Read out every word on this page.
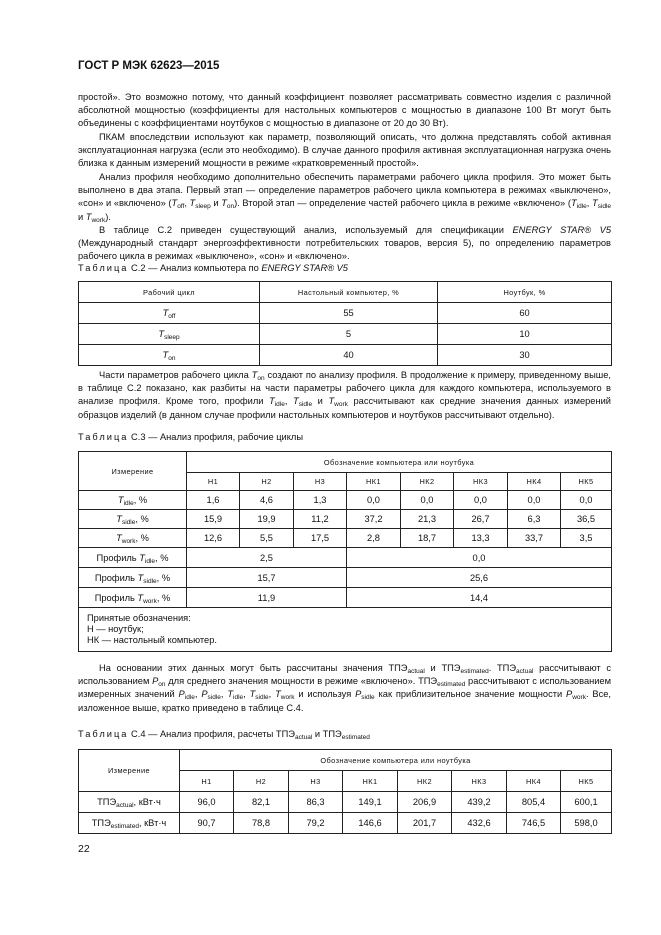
ГОСТ Р МЭК 62623—2015
простой». Это возможно потому, что данный коэффициент позволяет рассматривать совместно изделия с различной абсолютной мощностью (коэффициенты для настольных компьютеров с мощностью в диапазоне 100 Вт могут быть объединены с коэффициентами ноутбуков с мощностью в диапазоне от 20 до 30 Вт).
ПКАМ впоследствии используют как параметр, позволяющий описать, что должна представлять собой активная эксплуатационная нагрузка (если это необходимо). В случае данного профиля активная эксплуатационная нагрузка очень близка к данным измерений мощности в режиме «кратковременный простой».
Анализ профиля необходимо дополнительно обеспечить параметрами рабочего цикла профиля. Это может быть выполнено в два этапа. Первый этап — определение параметров рабочего цикла компьютера в режимах «выключено», «сон» и «включено» ($T_{off}$, $T_{sleep}$ и $T_{on}$). Второй этап — определение частей рабочего цикла в режиме «включено» ($T_{idle}$, $T_{sidle}$ и $T_{work}$).
В таблице С.2 приведен существующий анализ, используемый для спецификации ENERGY STAR® V5 (Международный стандарт энергоэффективности потребительских товаров, версия 5), по определению параметров рабочего цикла в режимах «выключено», «сон» и «включено».
Таблица С.2 — Анализ компьютера по ENERGY STAR® V5
Рабочий цикл	Настольный компьютер, %	Ноутбук, %
$T_{off}$	55	60
$T_{sleep}$	5	10
$T_{on}$	40	30
Части параметров рабочего цикла $T_{on}$ создают по анализу профиля. В продолжение к примеру, приведенному выше, в таблице С.2 показано, как разбиты на части параметры рабочего цикла для каждого компьютера, используемого в анализе профиля. Кроме того, профили $T_{idle}$, $T_{sidle}$ и $T_{work}$ рассчитывают как средние значения данных измерений образцов изделий (в данном случае профили настольных компьютеров и ноутбуков рассчитывают отдельно).
Таблица С.3 — Анализ профиля, рабочие циклы
Измерение	Обозначение компьютера или ноутбука							
	Н1	Н2	Н3	НК1	НК2	НК3	НК4	НК5
$T_{idle}$, %	1,6	4,6	1,3	0,0	0,0	0,0	0,0	0,0
$T_{sidle}$, %	15,9	19,9	11,2	37,2	21,3	26,7	6,3	36,5
$T_{work}$, %	12,6	5,5	17,5	2,8	18,7	13,3	33,7	3,5
Профиль $T_{idle}$, %	2,5			0,0				
Профиль $T_{sidle}$, %	15,7			25,6				
Профиль $T_{work}$, %	11,9			14,4				

Принятые обозначения:
Н — ноутбук;
НК — настольный компьютер.								
На основании этих данных могут быть рассчитаны значения $ТПЭ_{actual}$ и $ТПЭ_{estimated}$. $ТПЭ_{actual}$ рассчитывают с использованием $P_{on}$ для среднего значения мощности в режиме «включено». $ТПЭ_{estimated}$ рассчитывают с использованием измеренных значений $P_{idle}$, $P_{sidle}$, $T_{idle}$, $T_{sidle}$, $T_{work}$ и используя $P_{sidle}$ как приблизительное значение мощности $P_{work}$. Все, изложенное выше, кратко приведено в таблице С.4.
Таблица С.4 — Анализ профиля, расчеты $ТПЭ_{actual}$ и $ТПЭ_{estimated}$
Измерение	Обозначение компьютера или ноутбука							
	Н1	Н2	Н3	НК1	НК2	НК3	НК4	НК5
$ТПЭ_{actual}$, кВт·ч	96,0	82,1	86,3	149,1	206,9	439,2	805,4	600,1
$ТПЭ_{estimated}$, кВт·ч	90,7	78,8	79,2	146,6	201,7	432,6	746,5	598,0
22
